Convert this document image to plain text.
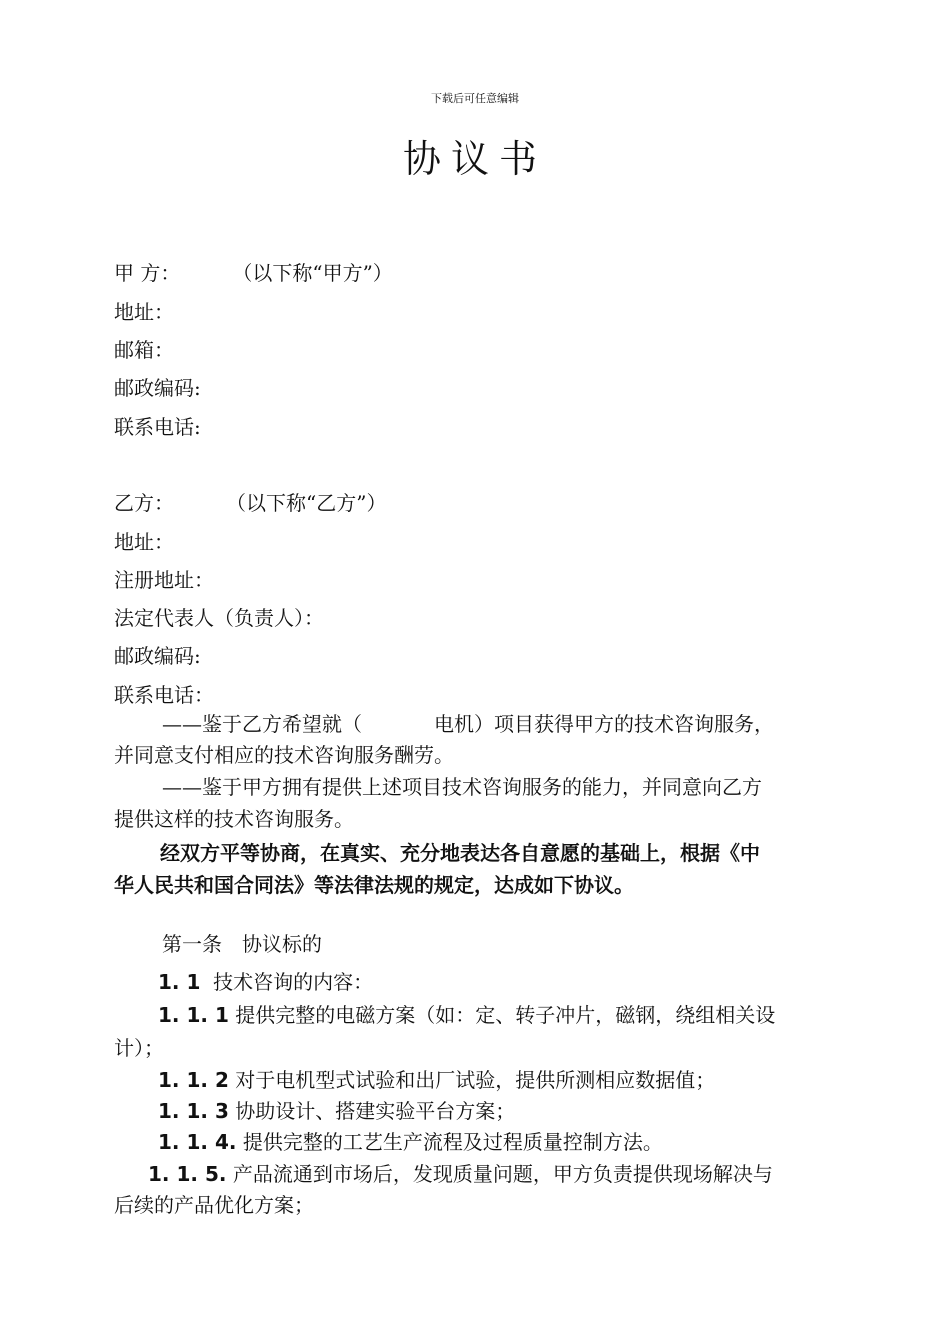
下载后可任意编辑
协议书
甲 方：	（以下称“甲方”）
地址：
邮箱：
邮政编码:
联系电话:
乙方：	（以下称“乙方”）
地址：
注册地址：
法定代表人（负责人）：
邮政编码:
联系电话：
——鉴于乙方希望就（	电机）项目获得甲方的技术咨询服务，
并同意支付相应的技术咨询服务酬劳。
——鉴于甲方拥有提供上述项目技术咨询服务的能力，并同意向乙方
提供这样的技术咨询服务。
经双方平等协商，在真实、充分地表达各自意愿的基础上，根据《中
华人民共和国合同法》等法律法规的规定，达成如下协议。
第一条 协议标的
1. 1 技术咨询的内容：
1. 1. 1 提供完整的电磁方案（如：定、转子冲片，磁钢，绕组相关设
计）；
1. 1. 2 对于电机型式试验和出厂试验，提供所测相应数据值；
1. 1. 3 协助设计、搭建实验平台方案；
1. 1. 4. 提供完整的工艺生产流程及过程质量控制方法。
1. 1. 5. 产品流通到市场后，发现质量问题，甲方负责提供现场解决与
后续的产品优化方案；
